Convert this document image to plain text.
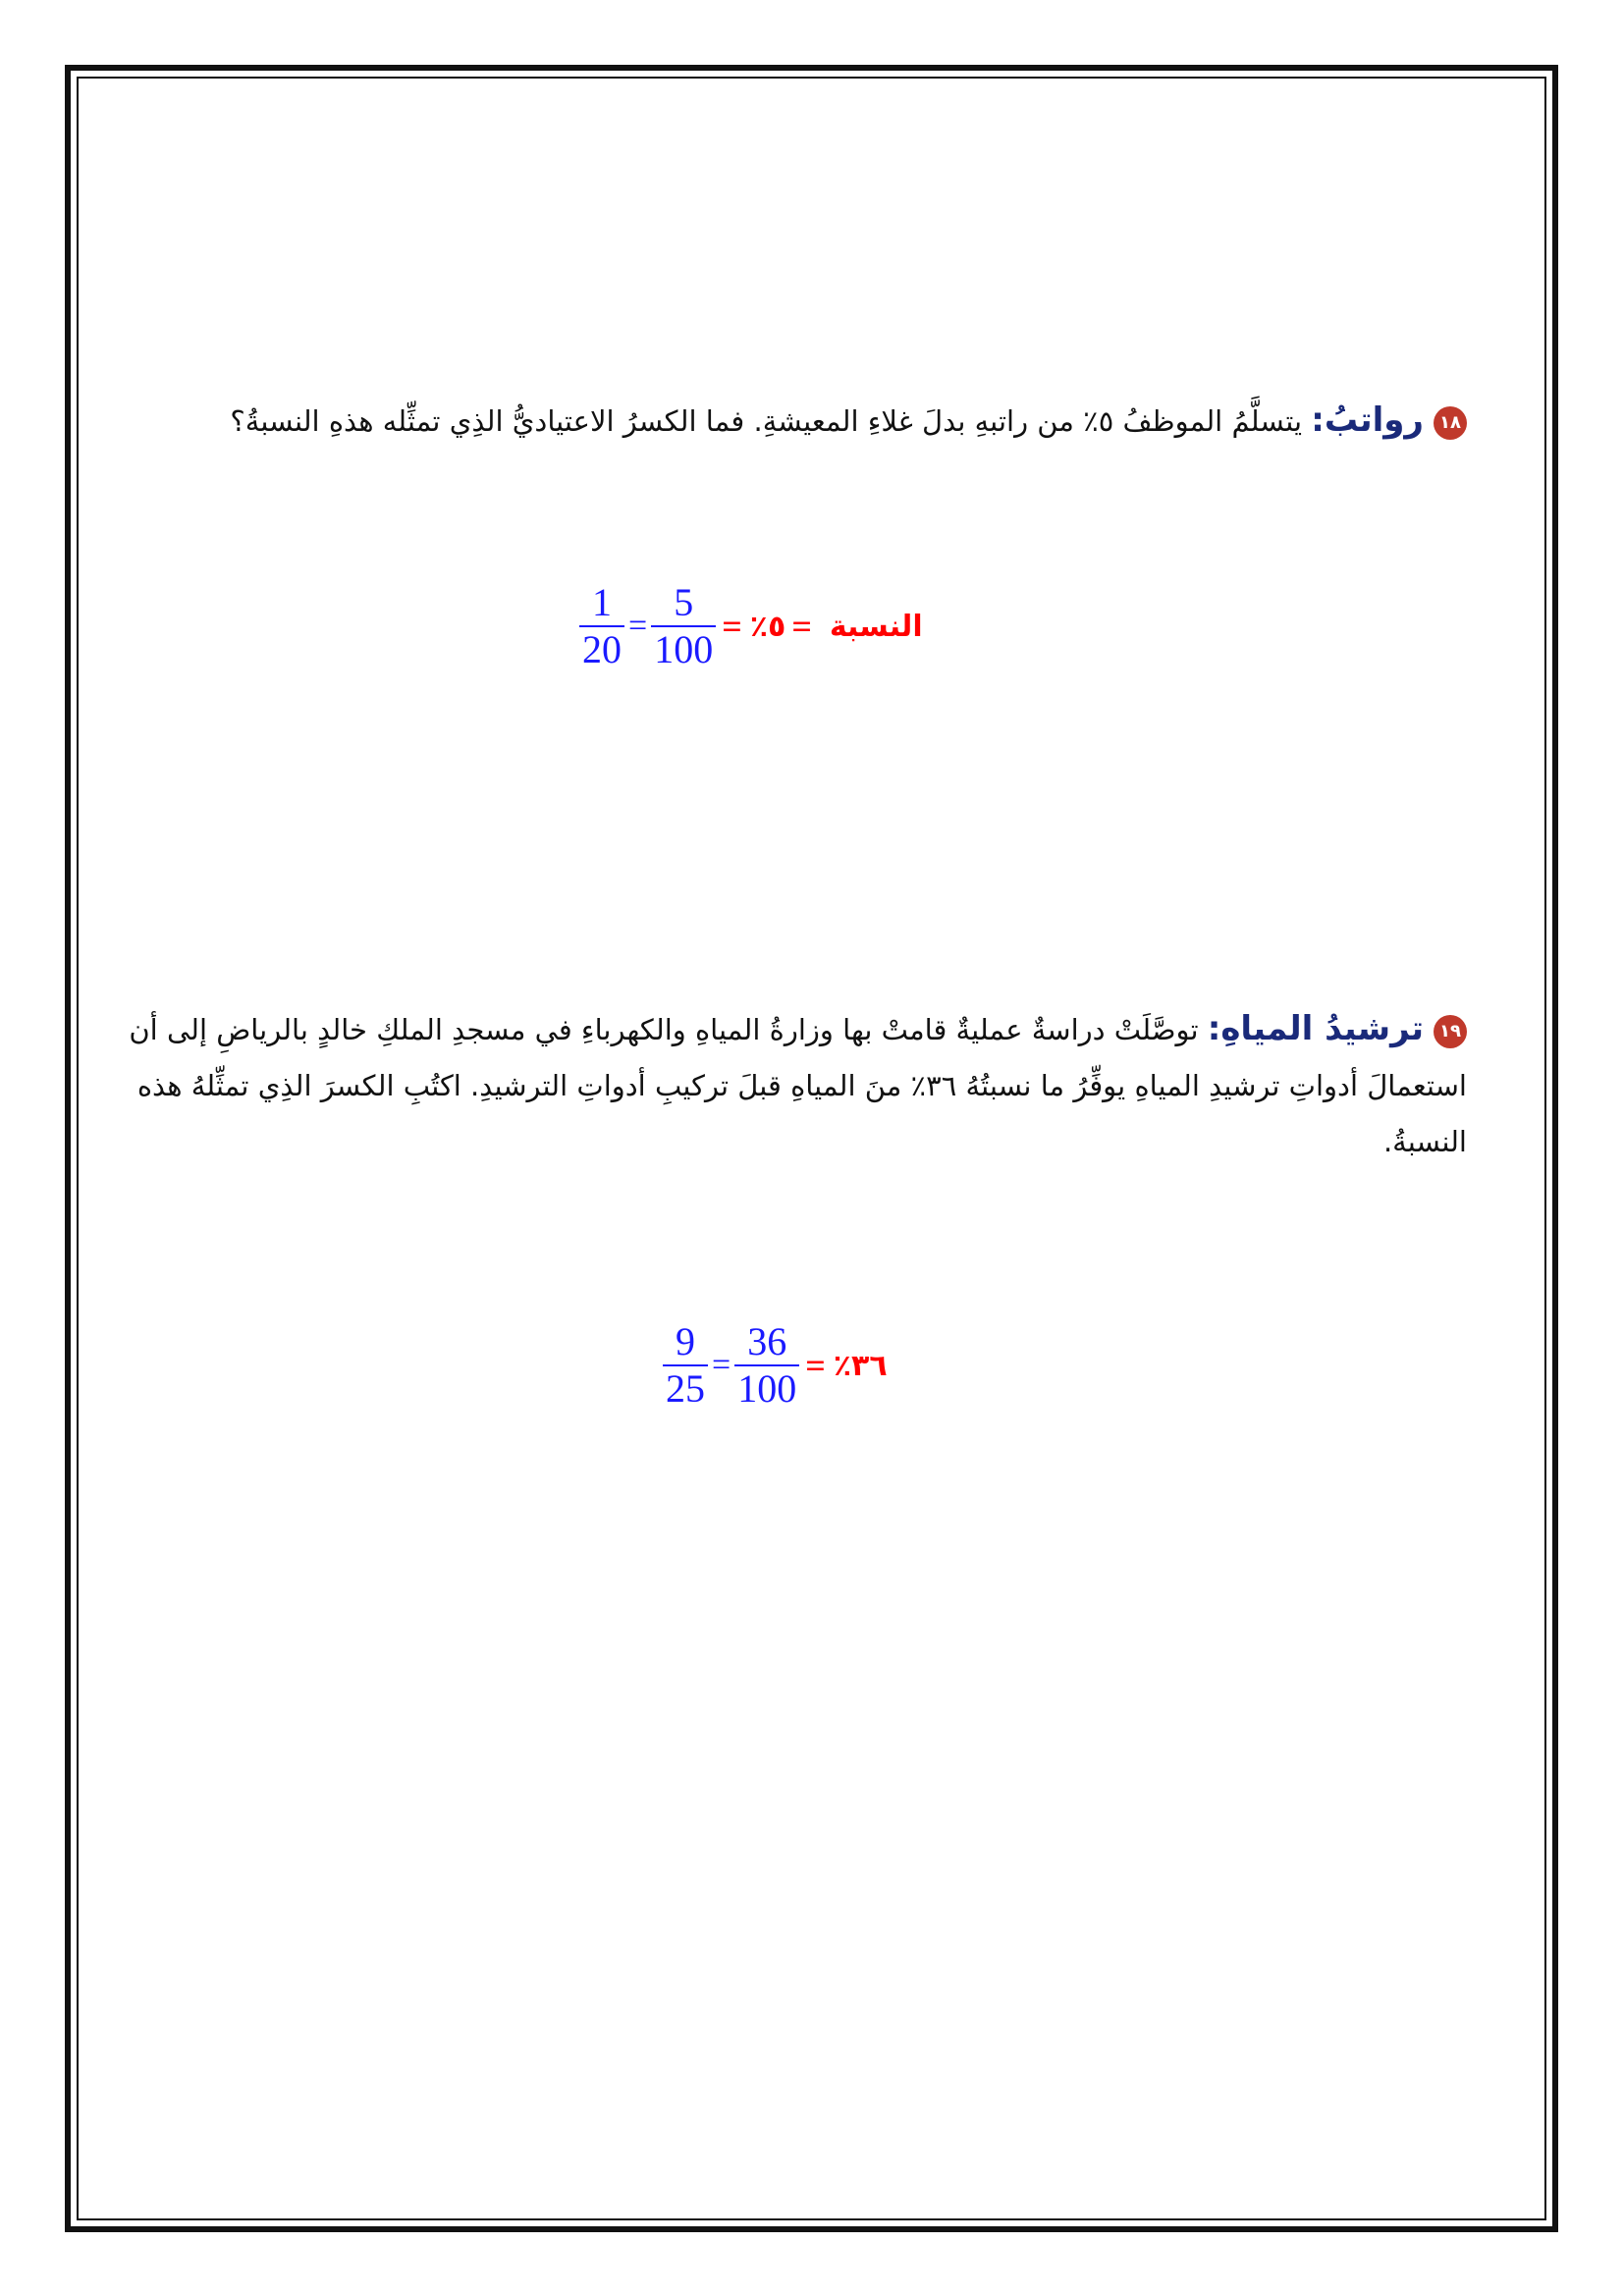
١٨رواتبُ: يتسلَّمُ الموظفُ ٥٪ من راتبهِ بدلَ غلاءِ المعيشةِ. فما الكسرُ الاعتياديُّ الذِي تمثِّله هذهِ النسبةُ؟
$\frac{1}{20} = \frac{5}{100}$ = ٥٪ = النسبة
١٩ترشيدُ المياهِ: توصَّلَتْ دراسةٌ عمليةٌ قامتْ بها وزارةُ المياهِ والكهرباءِ في مسجدِ الملكِ خالدٍ بالرياضِ إلى أن استعمالَ أدواتِ ترشيدِ المياهِ يوفِّرُ ما نسبتُهُ ٣٦٪ منَ المياهِ قبلَ تركيبِ أدواتِ الترشيدِ. اكتُبِ الكسرَ الذِي تمثِّلهُ هذه النسبةُ.
$\frac{9}{25} = \frac{36}{100}$ = ٣٦٪
